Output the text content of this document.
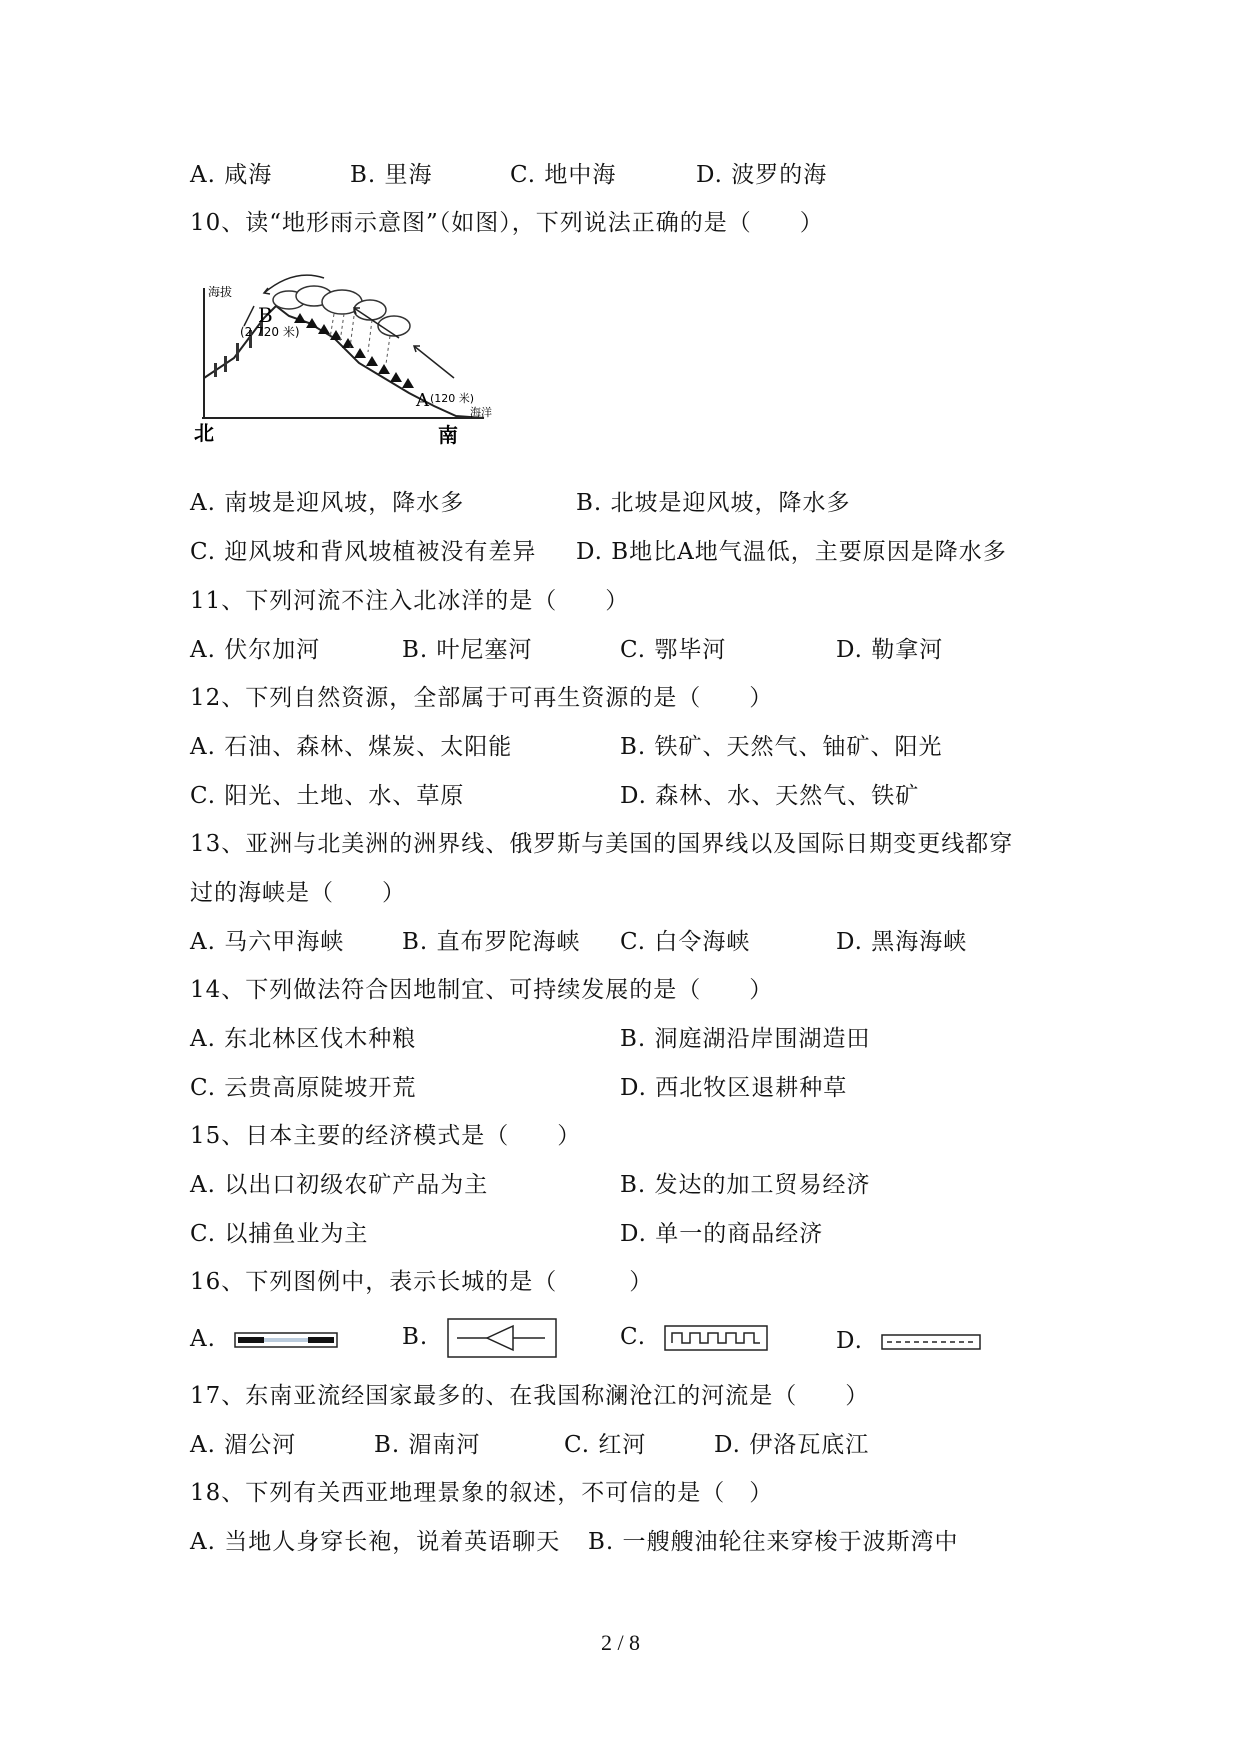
A. 咸海	B. 里海	C. 地中海	D. 波罗的海
10、读“地形雨示意图”（如图），下列说法正确的是（　　）
海拔
B
(2 720 米)
A (120 米)
海洋
北	南
A. 南坡是迎风坡，降水多	B. 北坡是迎风坡，降水多
C. 迎风坡和背风坡植被没有差异 D. B地比A地气温低，主要原因是降水多
11、下列河流不注入北冰洋的是（　　）
A. 伏尔加河	B. 叶尼塞河	C. 鄂毕河	D. 勒拿河
12、下列自然资源，全部属于可再生资源的是（　　）
A. 石油、森林、煤炭、太阳能	B. 铁矿、天然气、铀矿、阳光
C. 阳光、土地、水、草原	D. 森林、水、天然气、铁矿
13、亚洲与北美洲的洲界线、俄罗斯与美国的国界线以及国际日期变更线都穿
过的海峡是（　　）
A. 马六甲海峡	B. 直布罗陀海峡 C. 白令海峡	D. 黑海海峡
14、下列做法符合因地制宜、可持续发展的是（　　）
A. 东北林区伐木种粮	B. 洞庭湖沿岸围湖造田
C. 云贵高原陡坡开荒	D. 西北牧区退耕种草
15、日本主要的经济模式是（　　）
A. 以出口初级农矿产品为主	B. 发达的加工贸易经济
C. 以捕鱼业为主	D. 单一的商品经济
16、下列图例中，表示长城的是（　　　）
A.	B.	C.	D.
17、东南亚流经国家最多的、在我国称澜沧江的河流是（　　）
A. 湄公河	B. 湄南河	C. 红河	D. 伊洛瓦底江
18、下列有关西亚地理景象的叙述，不可信的是（　）
A. 当地人身穿长袍，说着英语聊天 B. 一艘艘油轮往来穿梭于波斯湾中
2 / 8
